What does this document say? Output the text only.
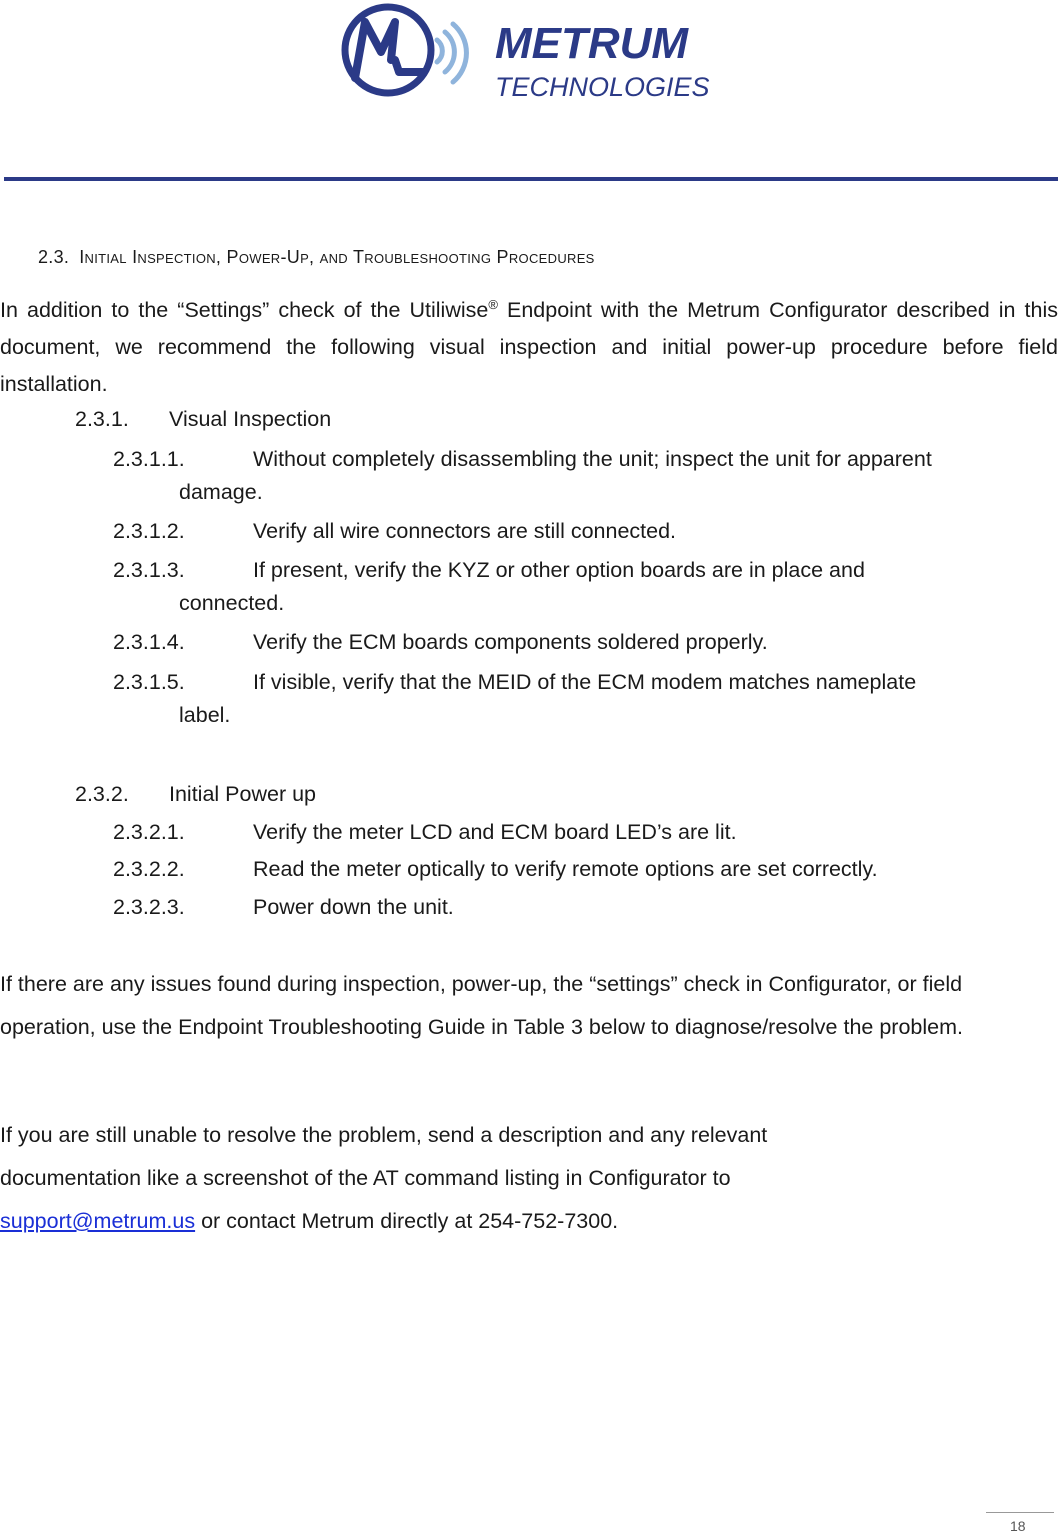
METRUM
TECHNOLOGIES
2.3. Initial Inspection, Power-Up, and Troubleshooting Procedures
In addition to the “Settings” check of the Utiliwise® Endpoint with the Metrum Configurator described in this document, we recommend the following visual inspection and initial power-up procedure before field installation.
2.3.1. Visual Inspection
2.3.1.1.	Without completely disassembling the unit; inspect the unit for apparent
damage.
2.3.1.2.	Verify all wire connectors are still connected.
2.3.1.3.	If present, verify the KYZ or other option boards are in place and
connected.
2.3.1.4.	Verify the ECM boards components soldered properly.
2.3.1.5.	If visible, verify that the MEID of the ECM modem matches nameplate
label.
2.3.2. Initial Power up
2.3.2.1.	Verify the meter LCD and ECM board LED’s are lit.
2.3.2.2.	Read the meter optically to verify remote options are set correctly.
2.3.2.3.	Power down the unit.
If there are any issues found during inspection, power-up, the “settings” check in Configurator, or field operation, use the Endpoint Troubleshooting Guide in Table 3 below to diagnose/resolve the problem.
If you are still unable to resolve the problem, send a description and any relevant documentation like a screenshot of the AT command listing in Configurator to
support@metrum.us or contact Metrum directly at 254-752-7300.
18
